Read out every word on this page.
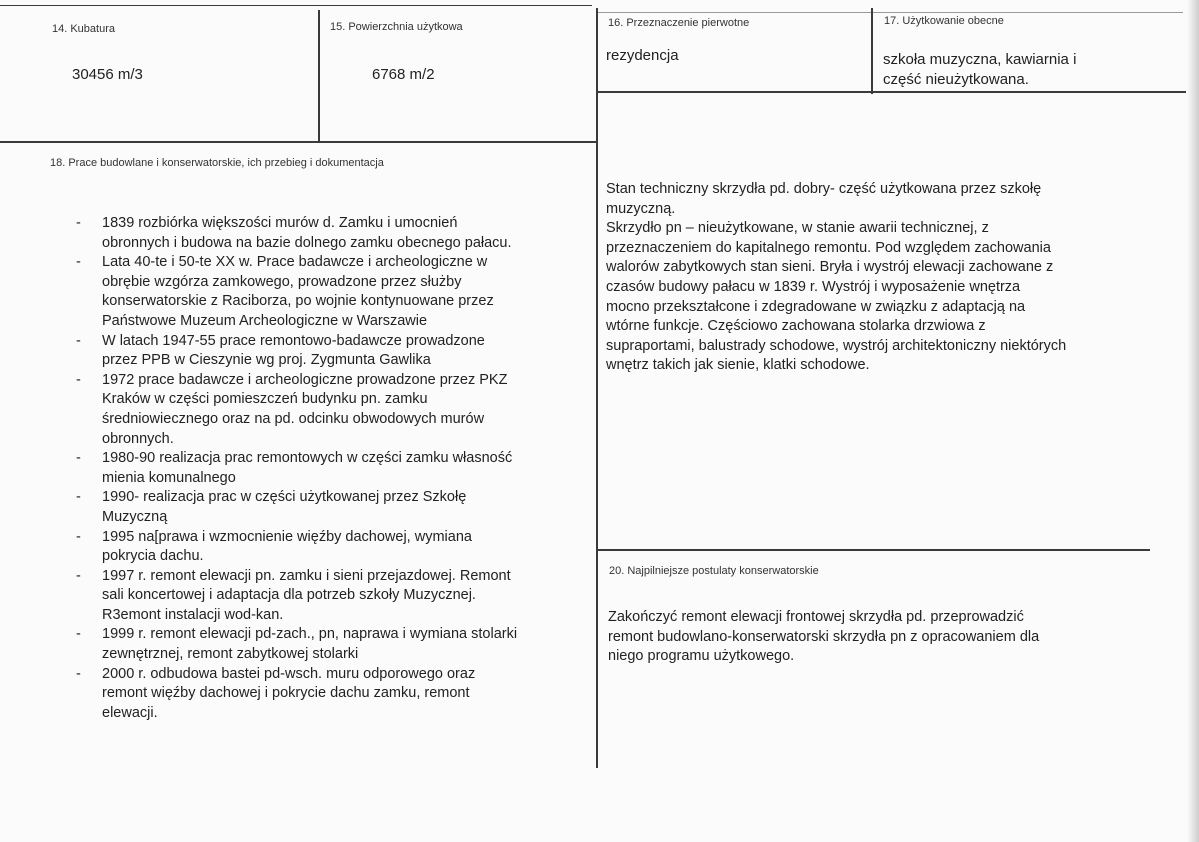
14. Kubatura
30456 m/3
15. Powierzchnia użytkowa
6768 m/2
16. Przeznaczenie pierwotne
rezydencja
17. Użytkowanie obecne
szkoła muzyczna, kawiarnia i
część nieużytkowana.
18. Prace budowlane i konserwatorskie, ich przebieg i dokumentacja
- 1839 rozbiórka większości murów d. Zamku i umocnień
obronnych i budowa na bazie dolnego zamku obecnego pałacu.
- Lata 40-te i 50-te XX w. Prace badawcze i archeologiczne w
obrębie wzgórza zamkowego, prowadzone przez służby
konserwatorskie z Raciborza, po wojnie kontynuowane przez
Państwowe Muzeum Archeologiczne w Warszawie
- W latach 1947-55 prace remontowo-badawcze prowadzone
przez PPB w Cieszynie wg proj. Zygmunta Gawlika
- 1972 prace badawcze i archeologiczne prowadzone przez PKZ
Kraków w części pomieszczeń budynku pn. zamku
średniowiecznego oraz na pd. odcinku obwodowych murów
obronnych.
- 1980-90 realizacja prac remontowych w części zamku własność
mienia komunalnego
- 1990- realizacja prac w części użytkowanej przez Szkołę
Muzyczną
- 1995 na[prawa i wzmocnienie więźby dachowej, wymiana
pokrycia dachu.
- 1997 r. remont elewacji pn. zamku i sieni przejazdowej. Remont
sali koncertowej i adaptacja dla potrzeb szkoły Muzycznej.
R3emont instalacji wod-kan.
- 1999 r. remont elewacji pd-zach., pn, naprawa i wymiana stolarki
zewnętrznej, remont zabytkowej stolarki
- 2000 r. odbudowa bastei pd-wsch. muru odporowego oraz
remont więźby dachowej i pokrycie dachu zamku, remont
elewacji.
Stan techniczny skrzydła pd. dobry- część użytkowana przez szkołę
muzyczną.
Skrzydło pn – nieużytkowane, w stanie awarii technicznej, z
przeznaczeniem do kapitalnego remontu. Pod względem zachowania
walorów zabytkowych stan sieni. Bryła i wystrój elewacji zachowane z
czasów budowy pałacu w 1839 r. Wystrój i wyposażenie wnętrza
mocno przekształcone i zdegradowane w związku z adaptacją na
wtórne funkcje. Częściowo zachowana stolarka drzwiowa z
supraportami, balustrady schodowe, wystrój architektoniczny niektórych
wnętrz takich jak sienie, klatki schodowe.
20. Najpilniejsze postulaty konserwatorskie
Zakończyć remont elewacji frontowej skrzydła pd. przeprowadzić
remont budowlano-konserwatorski skrzydła pn z opracowaniem dla
niego programu użytkowego.
